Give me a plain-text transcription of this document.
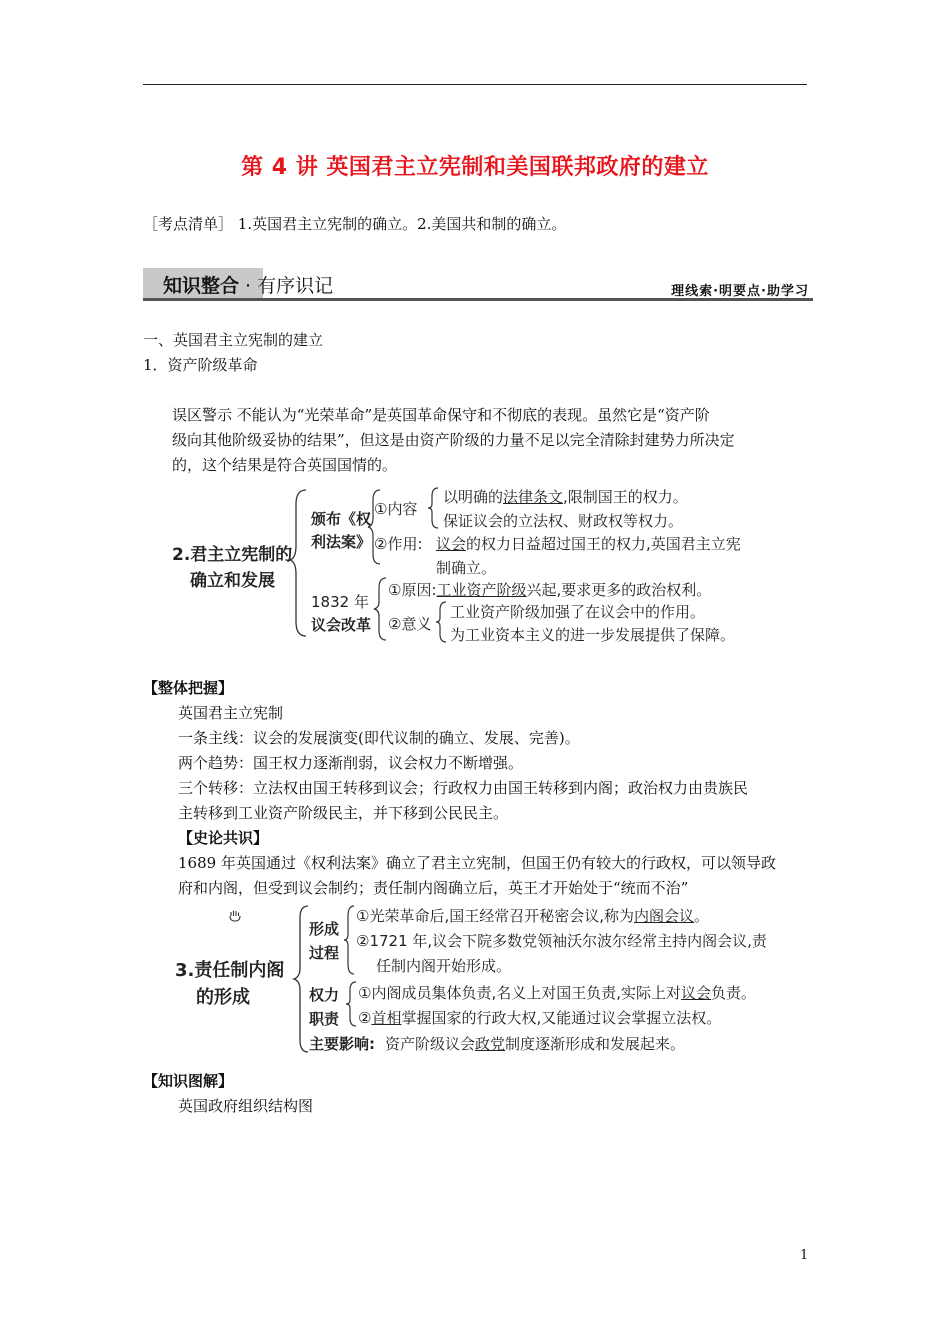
第 4 讲 英国君主立宪制和美国联邦政府的建立
［考点清单］ 1.英国君主立宪制的确立。2.美国共和制的确立。
知识整合 · 有序识记	理线索·明要点·助学习
一、英国君主立宪制的建立
1．资产阶级革命
误区警示 不能认为“光荣革命”是英国革命保守和不彻底的表现。虽然它是“资产阶
级向其他阶级妥协的结果”，但这是由资产阶级的力量不足以完全清除封建势力所决定
的，这个结果是符合英国国情的。
2.君主立宪制的
确立和发展
颁布《权
利法案》
①内容
以明确的法律条文,限制国王的权力。
保证议会的立法权、财政权等权力。
②作用: 议会的权力日益超过国王的权力,英国君主立宪
制确立。
1832 年
议会改革
①原因:工业资产阶级兴起,要求更多的政治权利。
②意义
工业资产阶级加强了在议会中的作用。
为工业资本主义的进一步发展提供了保障。
【整体把握】
英国君主立宪制
一条主线：议会的发展演变(即代议制的确立、发展、完善)。
两个趋势：国王权力逐渐削弱，议会权力不断增强。
三个转移：立法权由国王转移到议会；行政权力由国王转移到内阁；政治权力由贵族民
主转移到工业资产阶级民主，并下移到公民民主。
【史论共识】
1689 年英国通过《权利法案》确立了君主立宪制，但国王仍有较大的行政权，可以领导政
府和内阁，但受到议会制约；责任制内阁确立后，英王才开始处于“统而不治”
3.责任制内阁
的形成
形成
过程
①光荣革命后,国王经常召开秘密会议,称为内阁会议。
②1721 年,议会下院多数党领袖沃尔波尔经常主持内阁会议,责
任制内阁开始形成。
权力
职责
①内阁成员集体负责,名义上对国王负责,实际上对议会负责。
②首相掌握国家的行政大权,又能通过议会掌握立法权。
主要影响: 资产阶级议会政党制度逐渐形成和发展起来。
【知识图解】
英国政府组织结构图
1
